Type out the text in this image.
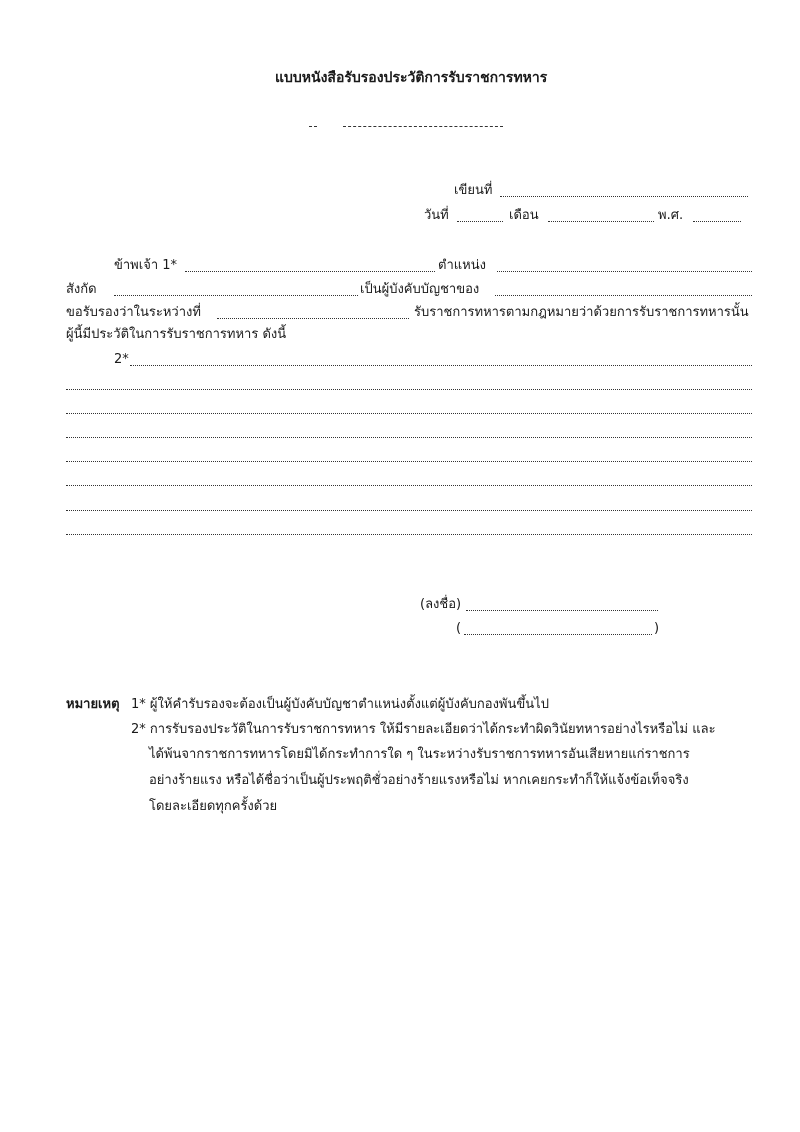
แบบหนังสือรับรองประวัติการรับราชการทหาร
เขียนที่
วันที่	เดือน	พ.ศ.
ข้าพเจ้า 1*	ตำแหน่ง
สังกัด	เป็นผู้บังคับบัญชาของ
ขอรับรองว่าในระหว่างที่	รับราชการทหารตามกฎหมายว่าด้วยการรับราชการทหารนั้น
ผู้นี้มีประวัติในการรับราชการทหาร ดังนี้
2*
(ลงชื่อ)
(	)
หมายเหตุ 1* ผู้ให้คำรับรองจะต้องเป็นผู้บังคับบัญชาตำแหน่งตั้งแต่ผู้บังคับกองพันขึ้นไป
2* การรับรองประวัติในการรับราชการทหาร ให้มีรายละเอียดว่าได้กระทำผิดวินัยทหารอย่างไรหรือไม่ และ
ได้พ้นจากราชการทหารโดยมิได้กระทำการใด ๆ ในระหว่างรับราชการทหารอันเสียหายแก่ราชการ
อย่างร้ายแรง หรือได้ชื่อว่าเป็นผู้ประพฤติชั่วอย่างร้ายแรงหรือไม่ หากเคยกระทำก็ให้แจ้งข้อเท็จจริง
โดยละเอียดทุกครั้งด้วย
